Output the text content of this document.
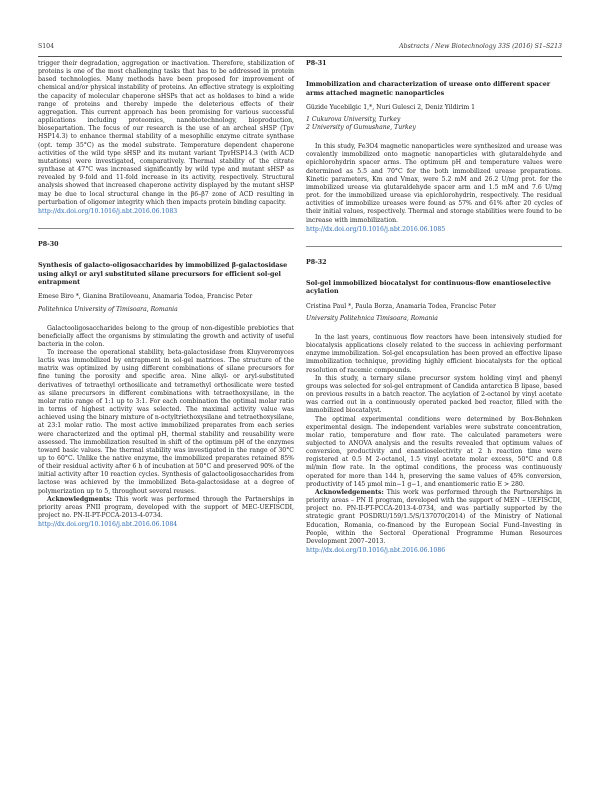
S104	Abstracts / New Biotechnology 33S (2016) S1–S213

trigger their degradation, aggregation or inactivation. Therefore, stabilization of proteins is one of the most challenging tasks that has to be addressed in protein based technologies. Many methods have been proposed for improvement of chemical and/or physical instability of proteins. An effective strategy is exploiting the capacity of molecular chaperone sHSPs that act as holdases to bind a wide range of proteins and thereby impede the deleterious effects of their aggregation. This current approach has been promising for various successful applications including proteomics, nanobiotechnology, bioproduction, biosepartation. The focus of our research is the use of an archeal sHSP (Tpv HSP14.3) to enhance thermal stability of a mesophilic enzyme citrate synthase (opt. temp 35°C) as the model substrate. Temperature dependent chaperone activities of the wild type sHSP and its mutant variant TpvHSP14.3 (with ACD mutations) were investigated, comparatively. Thermal stability of the citrate synthase at 47°C was increased significantly by wild type and mutant sHSP as revealed by 9-fold and 11-fold increase in its activity, respectively. Structural analysis showed that increased chaperone activity displayed by the mutant sHSP may be due to local structural change in the β6–β7 zone of ACD resulting in perturbation of oligomer integrity which then impacts protein binding capacity.

http://dx.doi.org/10.1016/j.nbt.2016.06.1083

P8-30

Synthesis of galacto-oligosaccharides by immobilized β-galactosidase using alkyl or aryl substituted silane precursors for efficient sol-gel entrapment

Emese Biro *, Gianina Bratiloveanu, Anamaria Todea, Francisc Peter

Politehnica University of Timisoara, Romania

Galactooligosaccharides belong to the group of non-digestible prebiotics that beneficially affect the organisms by stimulating the growth and activity of useful bacteria in the colon.

To increase the operational stability, beta-galactosidase from Kluyveromyces lactis was immobilized by entrapment in sol-gel matrices. The structure of the matrix was optimized by using different combinations of silane precursors for fine tuning the porosity and specific area. Nine alkyl- or aryl-substituted derivatives of tetraethyl orthosilicate and tetramethyl orthosilicate were tested as silane precursors in different combinations with tetraethoxysilane, in the molar ratio range of 1:1 up to 3:1. For each combination the optimal molar ratio in terms of highest activity was selected. The maximal activity value was achieved using the binary mixture of n-octyltriethoxysilane and tetraethoxysilane, at 23:1 molar ratio. The most active immobilized preparates from each series were characterized and the optimal pH, thermal stability and reusability were assessed. The immobilization resulted in shift of the optimum pH of the enzymes toward basic values. The thermal stability was investigated in the range of 30°C up to 60°C. Unlike the native enzyme, the immobilized preparates retained 85% of their residual activity after 6 h of incubation at 50°C and preserved 90% of the initial activity after 10 reaction cycles. Synthesis of galactooligosaccharides from lactose was achieved by the immobilized Beta-galactosidase at a degree of polymerization up to 5, throughout several reuses.

Acknowledgments: This work was performed through the Partnerships in priority areas PNII program, developed with the support of MEC-UEFISCDI, project no. PN-II-PT-PCCA-2013-4-0734.

http://dx.doi.org/10.1016/j.nbt.2016.06.1084

P8-31

Immobilization and characterization of urease onto different spacer arms attached magnetic nanoparticles

Güzide Yucebilgic 1,*, Nuri Gulesci 2, Deniz Yildirim 1

1 Cukurova University, Turkey

2 University of Gumushane, Turkey

In this study, Fe3O4 magnetic nanoparticles were synthesized and urease was covalently immobilized onto magnetic nanoparticles with glutaraldehyde and epichlorohydrin spacer arms. The optimum pH and temperature values were determined as 5.5 and 70°C for the both immobilized urease preparations. Kinetic parameters, Km and Vmax, were 5.2 mM and 26.2 U/mg prot. for the immobilized urease via glutaraldehyde spacer arm and 1.5 mM and 7.6 U/mg prot. for the immobilized urease via epichlorohydrin, respectively. The residual activities of immobilize ureases were found as 57% and 61% after 20 cycles of their initial values, respectively. Thermal and storage stabilities were found to be increase with immobilization.

http://dx.doi.org/10.1016/j.nbt.2016.06.1085

P8-32

Sol-gel immobilized biocatalyst for continuous-flow enantioselective acylation

Cristina Paul *, Paula Borza, Anamaria Todea, Francisc Peter

University Politehnica Timisoara, Romania

In the last years, continuous flow reactors have been intensively studied for biocatalysis applications closely related to the success in achieving performant enzyme immobilization. Sol-gel encapsulation has been proved an effective lipase immobilization technique, providing highly efficient biocatalysts for the optical resolution of racemic compounds.

In this study, a ternary silane precursor system holding vinyl and phenyl groups was selected for sol-gel entrapment of Candida antarctica B lipase, based on previous results in a batch reactor. The acylation of 2-octanol by vinyl acetate was carried out in a continuously operated packed bed reactor, filled with the immobilized biocatalyst.

The optimal experimental conditions were determined by Box-Behnken experimental design. The independent variables were substrate concentration, molar ratio, temperature and flow rate. The calculated parameters were subjected to ANOVA analysis and the results revealed that optimum values of conversion, productivity and enantioselectivity at 2 h reaction time were registered at 0.5 M 2-octanol, 1.5 vinyl acetate molar excess, 50°C and 0.8 ml/min flow rate. In the optimal conditions, the process was continuously operated for more than 144 h, preserving the same values of 45% conversion, productivity of 145 µmol min−1 g−1, and enantiomeric ratio E > 280.

Acknowledgements: This work was performed through the Partnerships in priority areas – PN II program, developed with the support of MEN – UEFISCDI, project no. PN-II-PT-PCCA-2013-4-0734, and was partially supported by the strategic grant POSDRU/159/1.5/S/137070(2014) of the Ministry of National Education, Romania, co-financed by the European Social Fund–Investing in People, within the Sectoral Operational Programme Human Resources Development 2007–2013.

http://dx.doi.org/10.1016/j.nbt.2016.06.1086
